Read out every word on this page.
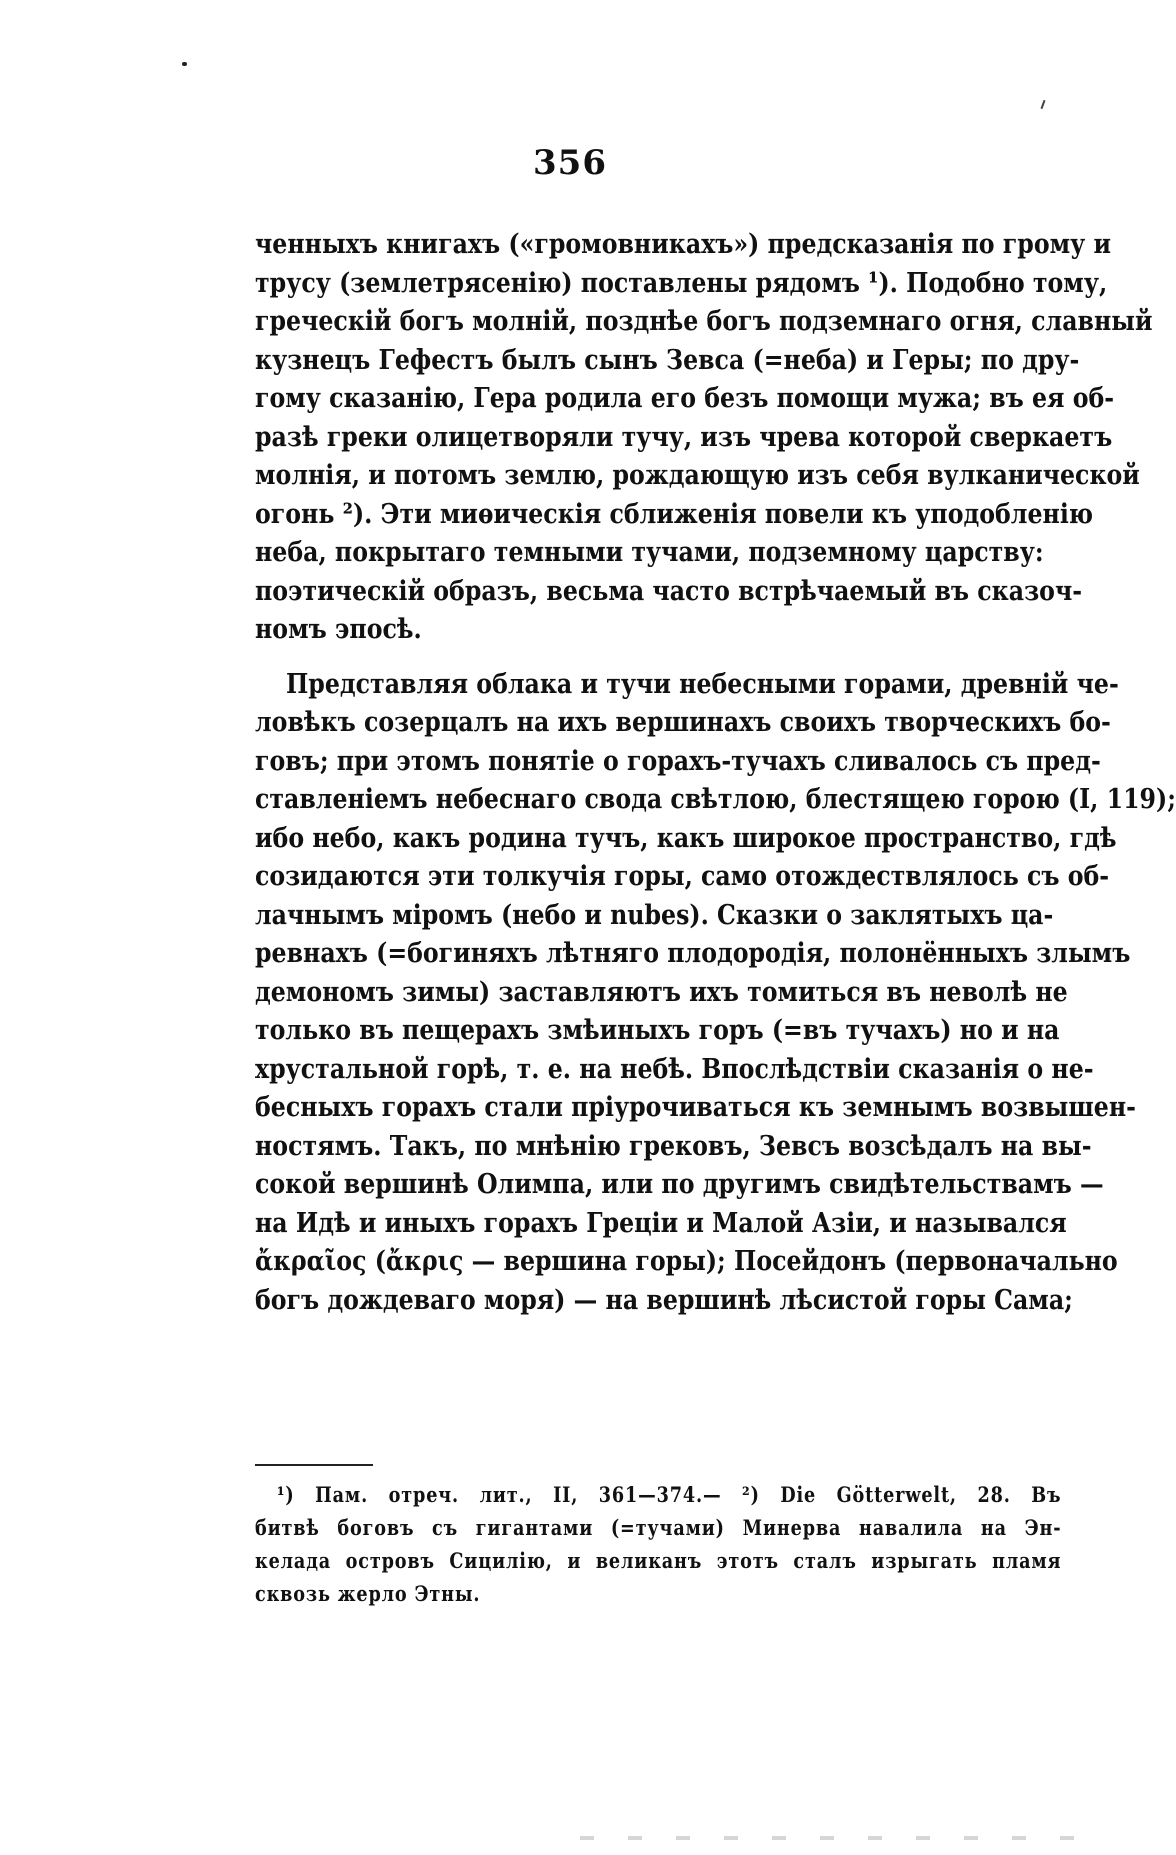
356
ченныхъ книгахъ («громовникахъ») предсказанія по грому и
трусу (землетрясенію) поставлены рядомъ ¹). Подобно тому,
греческій богъ молній, позднѣе богъ подземнаго огня, славный
кузнецъ Гефестъ былъ сынъ Зевса (=неба) и Геры; по дру-
гому сказанію, Гера родила его безъ помощи мужа; въ ея об-
разѣ греки олицетворяли тучу, изъ чрева которой сверкаетъ
молнія, и потомъ землю, рождающую изъ себя вулканической
огонь ²). Эти миѳическія сближенія повели къ уподобленію
неба, покрытаго темными тучами, подземному царству:
поэтическій образъ, весьма часто встрѣчаемый въ сказоч-
номъ эпосѣ.
Представляя облака и тучи небесными горами, древній че-
ловѣкъ созерцалъ на ихъ вершинахъ своихъ творческихъ бо-
говъ; при этомъ понятіе о горахъ-тучахъ сливалось съ пред-
ставленіемъ небеснаго свода свѣтлою, блестящею горою (I, 119);
ибо небо, какъ родина тучъ, какъ широкое пространство, гдѣ
созидаются эти толкучія горы, само отождествлялось съ об-
лачнымъ міромъ (небо и nubes). Сказки о заклятыхъ ца-
ревнахъ (=богиняхъ лѣтняго плодородія, полонённыхъ злымъ
демономъ зимы) заставляютъ ихъ томиться въ неволѣ не
только въ пещерахъ змѣиныхъ горъ (=въ тучахъ) но и на
хрустальной горѣ, т. е. на небѣ. Впослѣдствіи сказанія о не-
бесныхъ горахъ стали пріурочиваться къ земнымъ возвышен-
ностямъ. Такъ, по мнѣнію грековъ, Зевсъ возсѣдалъ на вы-
сокой вершинѣ Олимпа, или по другимъ свидѣтельствамъ —
на Идѣ и иныхъ горахъ Греціи и Малой Азіи, и назывался
ἄκραῖος (ἄκρις — вершина горы); Посейдонъ (первоначально
богъ дождеваго моря) — на вершинѣ лѣсистой горы Сама;
¹) Пам. отреч. лит., II, 361—374.— ²) Die Götterwelt, 28. Въ
битвѣ боговъ съ гигантами (=тучами) Минерва навалила на Эн-
келада островъ Сицилію, и великанъ этотъ сталъ изрыгать пламя
сквозь жерло Этны.
